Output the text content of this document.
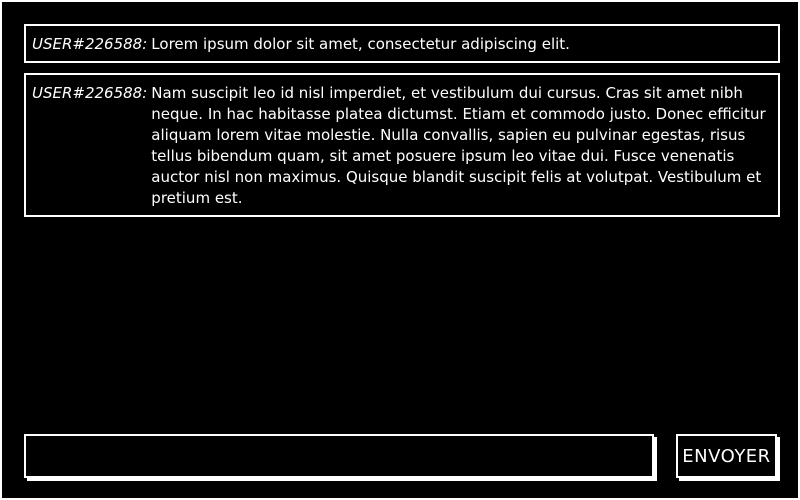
USER#226588: Lorem ipsum dolor sit amet, consectetur adipiscing elit.
USER#226588: Nam suscipit leo id nisl imperdiet, et vestibulum dui cursus. Cras sit amet nibh neque. In hac habitasse platea dictumst. Etiam et commodo justo. Donec efficitur aliquam lorem vitae molestie. Nulla convallis, sapien eu pulvinar egestas, risus tellus bibendum quam, sit amet posuere ipsum leo vitae dui. Fusce venenatis auctor nisl non maximus. Quisque blandit suscipit felis at volutpat. Vestibulum et pretium est.
ENVOYER
